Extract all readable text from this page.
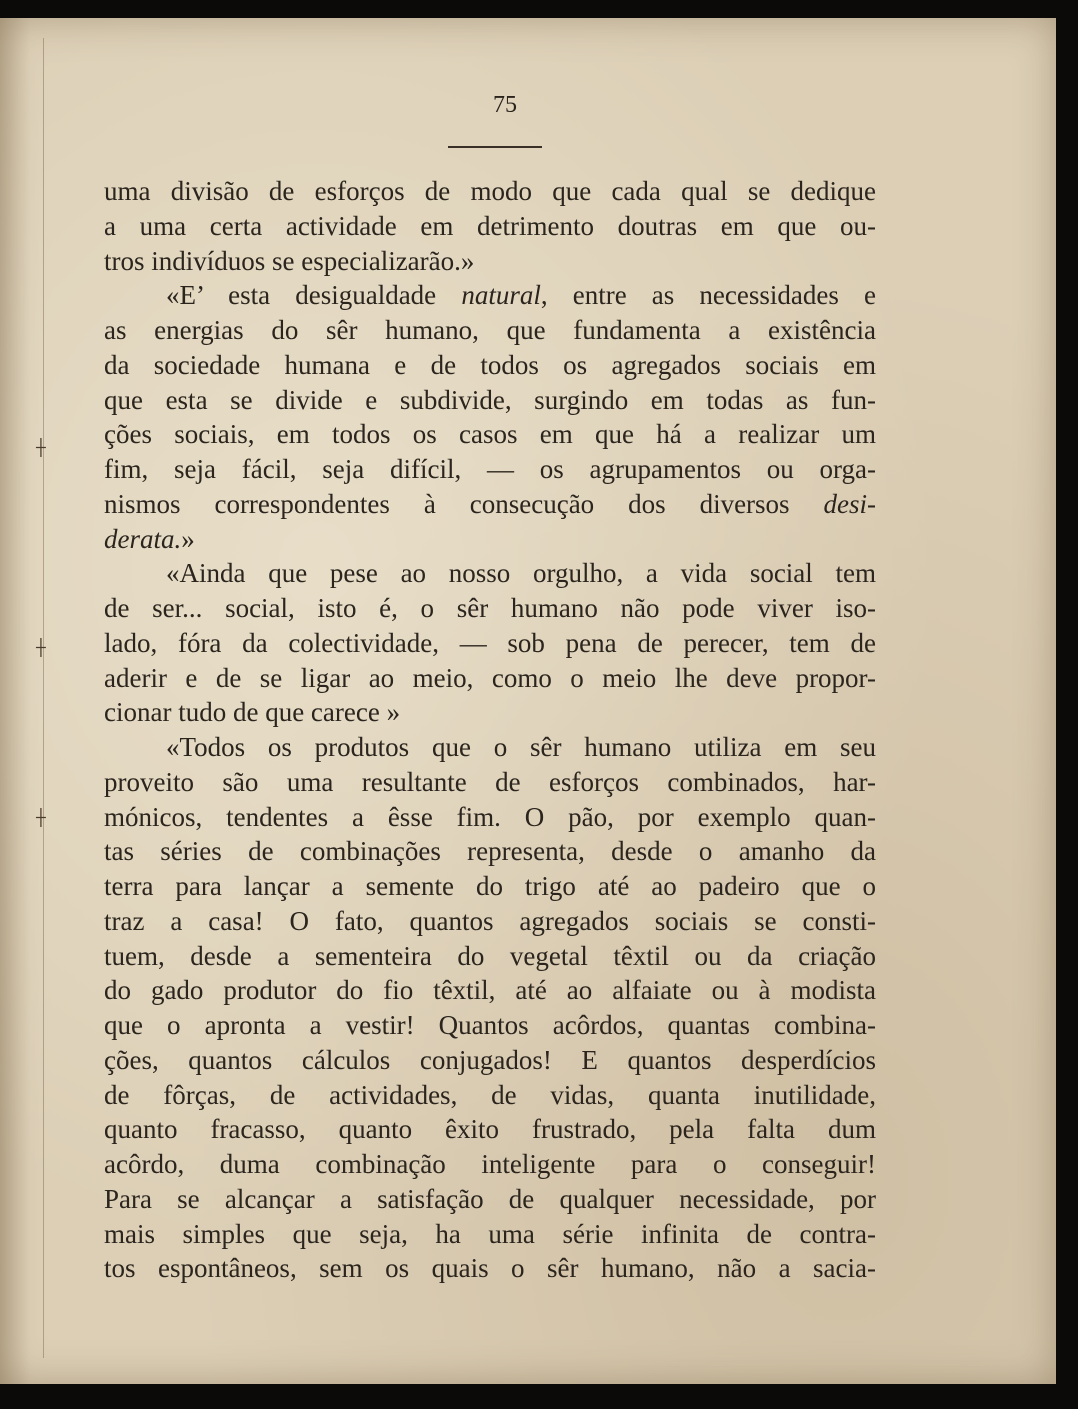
┼
┼
┼
75
uma divisão de esforços de modo que cada qual se dedique
a uma certa actividade em detrimento doutras em que ou-
tros indivíduos se especializarão.»
«E’ esta desigualdade natural, entre as necessidades e
as energias do sêr humano, que fundamenta a existência
da sociedade humana e de todos os agregados sociais em
que esta se divide e subdivide, surgindo em todas as fun-
ções sociais, em todos os casos em que há a realizar um
fim, seja fácil, seja difícil, — os agrupamentos ou orga-
nismos correspondentes à consecução dos diversos desi-
derata.»
«Ainda que pese ao nosso orgulho, a vida social tem
de ser... social, isto é, o sêr humano não pode viver iso-
lado, fóra da colectividade, — sob pena de perecer, tem de
aderir e de se ligar ao meio, como o meio lhe deve propor-
cionar tudo de que carece »
«Todos os produtos que o sêr humano utiliza em seu
proveito são uma resultante de esforços combinados, har-
mónicos, tendentes a êsse fim. O pão, por exemplo quan-
tas séries de combinações representa, desde o amanho da
terra para lançar a semente do trigo até ao padeiro que o
traz a casa! O fato, quantos agregados sociais se consti-
tuem, desde a sementeira do vegetal têxtil ou da criação
do gado produtor do fio têxtil, até ao alfaiate ou à modista
que o apronta a vestir! Quantos acôrdos, quantas combina-
ções, quantos cálculos conjugados! E quantos desperdícios
de fôrças, de actividades, de vidas, quanta inutilidade,
quanto fracasso, quanto êxito frustrado, pela falta dum
acôrdo, duma combinação inteligente para o conseguir!
Para se alcançar a satisfação de qualquer necessidade, por
mais simples que seja, ha uma série infinita de contra-
tos espontâneos, sem os quais o sêr humano, não a sacia-
